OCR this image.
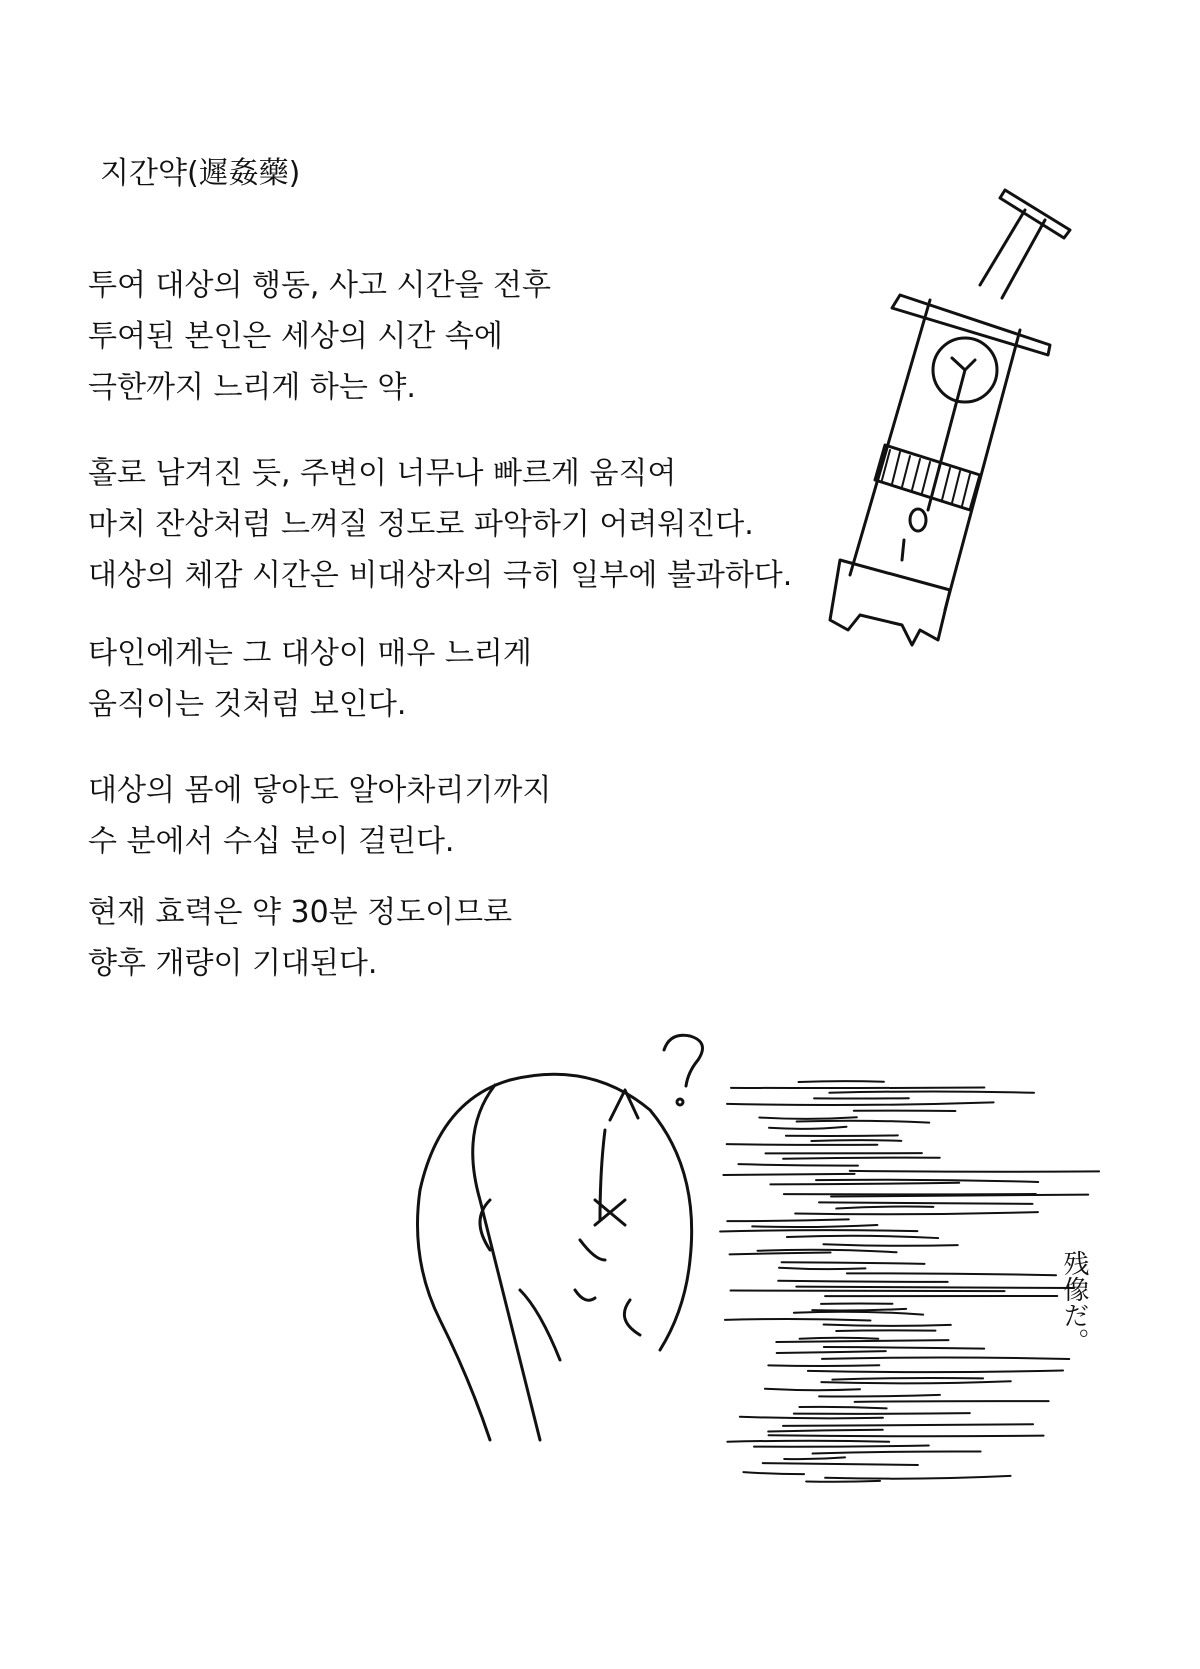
지간약(遲姦藥)
투여 대상의 행동, 사고 시간을 전후
투여된 본인은 세상의 시간 속에
극한까지 느리게 하는 약.
홀로 남겨진 듯, 주변이 너무나 빠르게 움직여
마치 잔상처럼 느껴질 정도로 파악하기 어려워진다.
대상의 체감 시간은 비대상자의 극히 일부에 불과하다.
타인에게는 그 대상이 매우 느리게
움직이는 것처럼 보인다.
대상의 몸에 닿아도 알아차리기까지
수 분에서 수십 분이 걸린다.
현재 효력은 약 30분 정도이므로
향후 개량이 기대된다.
残像だ。
